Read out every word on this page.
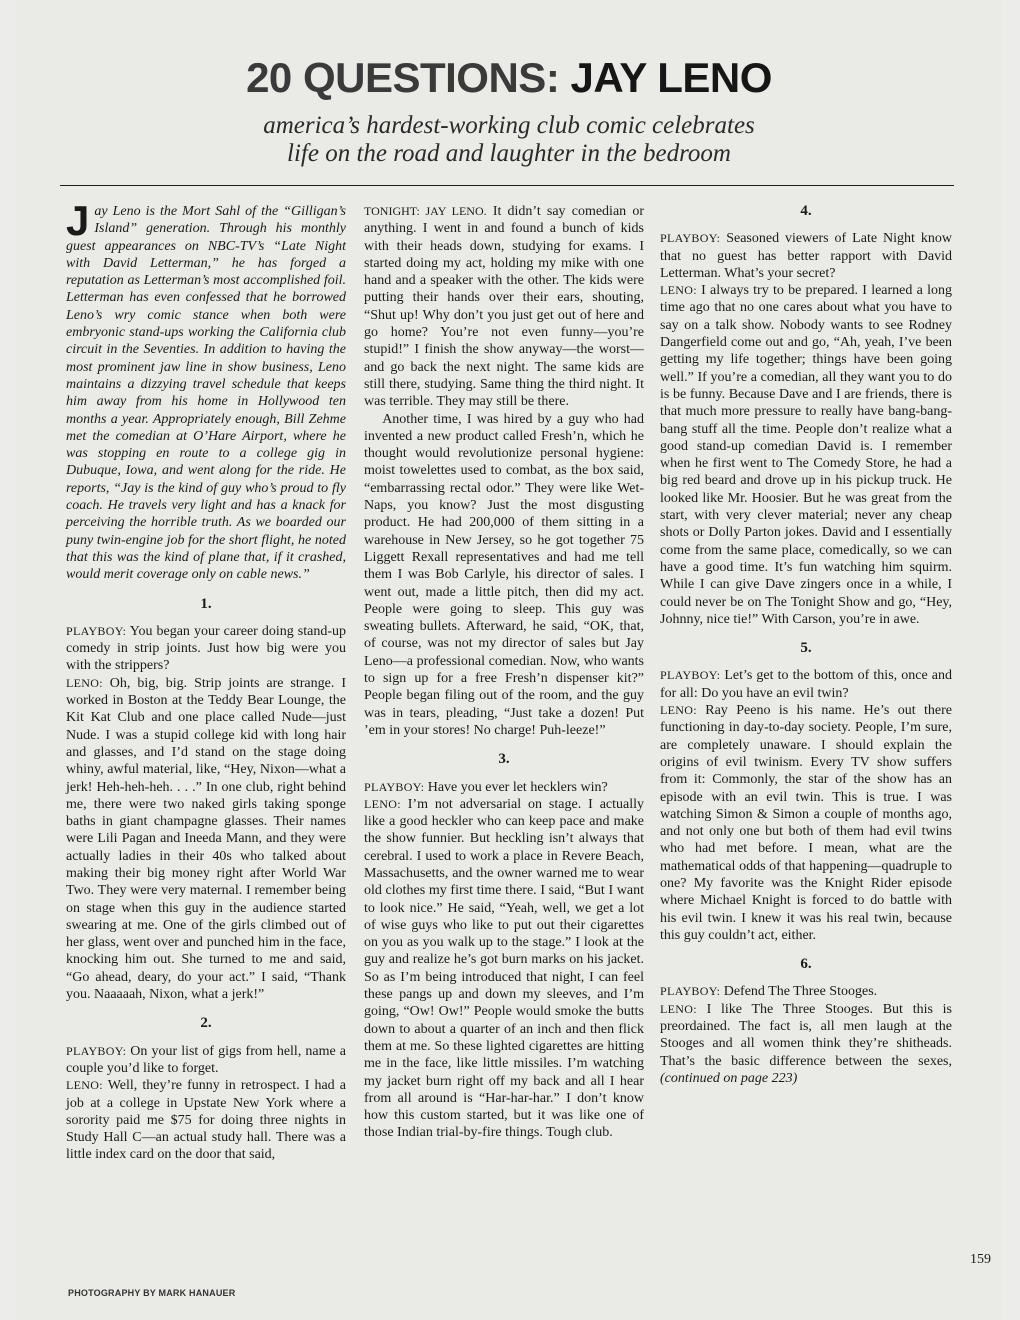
20 QUESTIONS: JAY LENO
america’s hardest-working club comic celebrates
life on the road and laughter in the bedroom

Jay Leno is the Mort Sahl of the “Gilligan’s Island” generation. Through his monthly guest appearances on NBC-TV’s “Late Night with David Letterman,” he has forged a reputation as Letterman’s most accomplished foil. Letterman has even confessed that he borrowed Leno’s wry comic stance when both were embryonic stand-ups working the California club circuit in the Seventies. In addition to having the most prominent jaw line in show business, Leno maintains a dizzying travel schedule that keeps him away from his home in Hollywood ten months a year. Appropriately enough, Bill Zehme met the comedian at O’Hare Airport, where he was stopping en route to a college gig in Dubuque, Iowa, and went along for the ride. He reports, “Jay is the kind of guy who’s proud to fly coach. He travels very light and has a knack for perceiving the horrible truth. As we boarded our puny twin-engine job for the short flight, he noted that this was the kind of plane that, if it crashed, would merit coverage only on cable news.”

1.

PLAYBOY: You began your career doing stand-up comedy in strip joints. Just how big were you with the strippers?

LENO: Oh, big, big. Strip joints are strange. I worked in Boston at the Teddy Bear Lounge, the Kit Kat Club and one place called Nude—just Nude. I was a stupid college kid with long hair and glasses, and I’d stand on the stage doing whiny, awful material, like, “Hey, Nixon—what a jerk! Heh-heh-heh. . . .” In one club, right behind me, there were two naked girls taking sponge baths in giant champagne glasses. Their names were Lili Pagan and Ineeda Mann, and they were actually ladies in their 40s who talked about making their big money right after World War Two. They were very maternal. I remember being on stage when this guy in the audience started swearing at me. One of the girls climbed out of her glass, went over and punched him in the face, knocking him out. She turned to me and said, “Go ahead, deary, do your act.” I said, “Thank you. Naaaaah, Nixon, what a jerk!”

2.

PLAYBOY: On your list of gigs from hell, name a couple you’d like to forget.

LENO: Well, they’re funny in retrospect. I had a job at a college in Upstate New York where a sorority paid me $75 for doing three nights in Study Hall C—an actual study hall. There was a little index card on the door that said,

TONIGHT: JAY LENO. It didn’t say comedian or anything. I went in and found a bunch of kids with their heads down, studying for exams. I started doing my act, holding my mike with one hand and a speaker with the other. The kids were putting their hands over their ears, shouting, “Shut up! Why don’t you just get out of here and go home? You’re not even funny—you’re stupid!” I finish the show anyway—the worst—and go back the next night. The same kids are still there, studying. Same thing the third night. It was terrible. They may still be there.

Another time, I was hired by a guy who had invented a new product called Fresh’n, which he thought would revolutionize personal hygiene: moist towelettes used to combat, as the box said, “embarrassing rectal odor.” They were like Wet-Naps, you know? Just the most disgusting product. He had 200,000 of them sitting in a warehouse in New Jersey, so he got together 75 Liggett Rexall representatives and had me tell them I was Bob Carlyle, his director of sales. I went out, made a little pitch, then did my act. People were going to sleep. This guy was sweating bullets. Afterward, he said, “OK, that, of course, was not my director of sales but Jay Leno—a professional comedian. Now, who wants to sign up for a free Fresh’n dispenser kit?” People began filing out of the room, and the guy was in tears, pleading, “Just take a dozen! Put ’em in your stores! No charge! Puh-leeze!”

3.

PLAYBOY: Have you ever let hecklers win?

LENO: I’m not adversarial on stage. I actually like a good heckler who can keep pace and make the show funnier. But heckling isn’t always that cerebral. I used to work a place in Revere Beach, Massachusetts, and the owner warned me to wear old clothes my first time there. I said, “But I want to look nice.” He said, “Yeah, well, we get a lot of wise guys who like to put out their cigarettes on you as you walk up to the stage.” I look at the guy and realize he’s got burn marks on his jacket. So as I’m being introduced that night, I can feel these pangs up and down my sleeves, and I’m going, “Ow! Ow!” People would smoke the butts down to about a quarter of an inch and then flick them at me. So these lighted cigarettes are hitting me in the face, like little missiles. I’m watching my jacket burn right off my back and all I hear from all around is “Har-har-har.” I don’t know how this custom started, but it was like one of those Indian trial-by-fire things. Tough club.

4.

PLAYBOY: Seasoned viewers of Late Night know that no guest has better rapport with David Letterman. What’s your secret?

LENO: I always try to be prepared. I learned a long time ago that no one cares about what you have to say on a talk show. Nobody wants to see Rodney Dangerfield come out and go, “Ah, yeah, I’ve been getting my life together; things have been going well.” If you’re a comedian, all they want you to do is be funny. Because Dave and I are friends, there is that much more pressure to really have bang-bang-bang stuff all the time. People don’t realize what a good stand-up comedian David is. I remember when he first went to The Comedy Store, he had a big red beard and drove up in his pickup truck. He looked like Mr. Hoosier. But he was great from the start, with very clever material; never any cheap shots or Dolly Parton jokes. David and I essentially come from the same place, comedically, so we can have a good time. It’s fun watching him squirm. While I can give Dave zingers once in a while, I could never be on The Tonight Show and go, “Hey, Johnny, nice tie!” With Carson, you’re in awe.

5.

PLAYBOY: Let’s get to the bottom of this, once and for all: Do you have an evil twin?

LENO: Ray Peeno is his name. He’s out there functioning in day-to-day society. People, I’m sure, are completely unaware. I should explain the origins of evil twinism. Every TV show suffers from it: Commonly, the star of the show has an episode with an evil twin. This is true. I was watching Simon & Simon a couple of months ago, and not only one but both of them had evil twins who had met before. I mean, what are the mathematical odds of that happening—quadruple to one? My favorite was the Knight Rider episode where Michael Knight is forced to do battle with his evil twin. I knew it was his real twin, because this guy couldn’t act, either.

6.

PLAYBOY: Defend The Three Stooges.

LENO: I like The Three Stooges. But this is preordained. The fact is, all men laugh at the Stooges and all women think they’re shitheads. That’s the basic difference between the sexes, (continued on page 223)

159
PHOTOGRAPHY BY MARK HANAUER
